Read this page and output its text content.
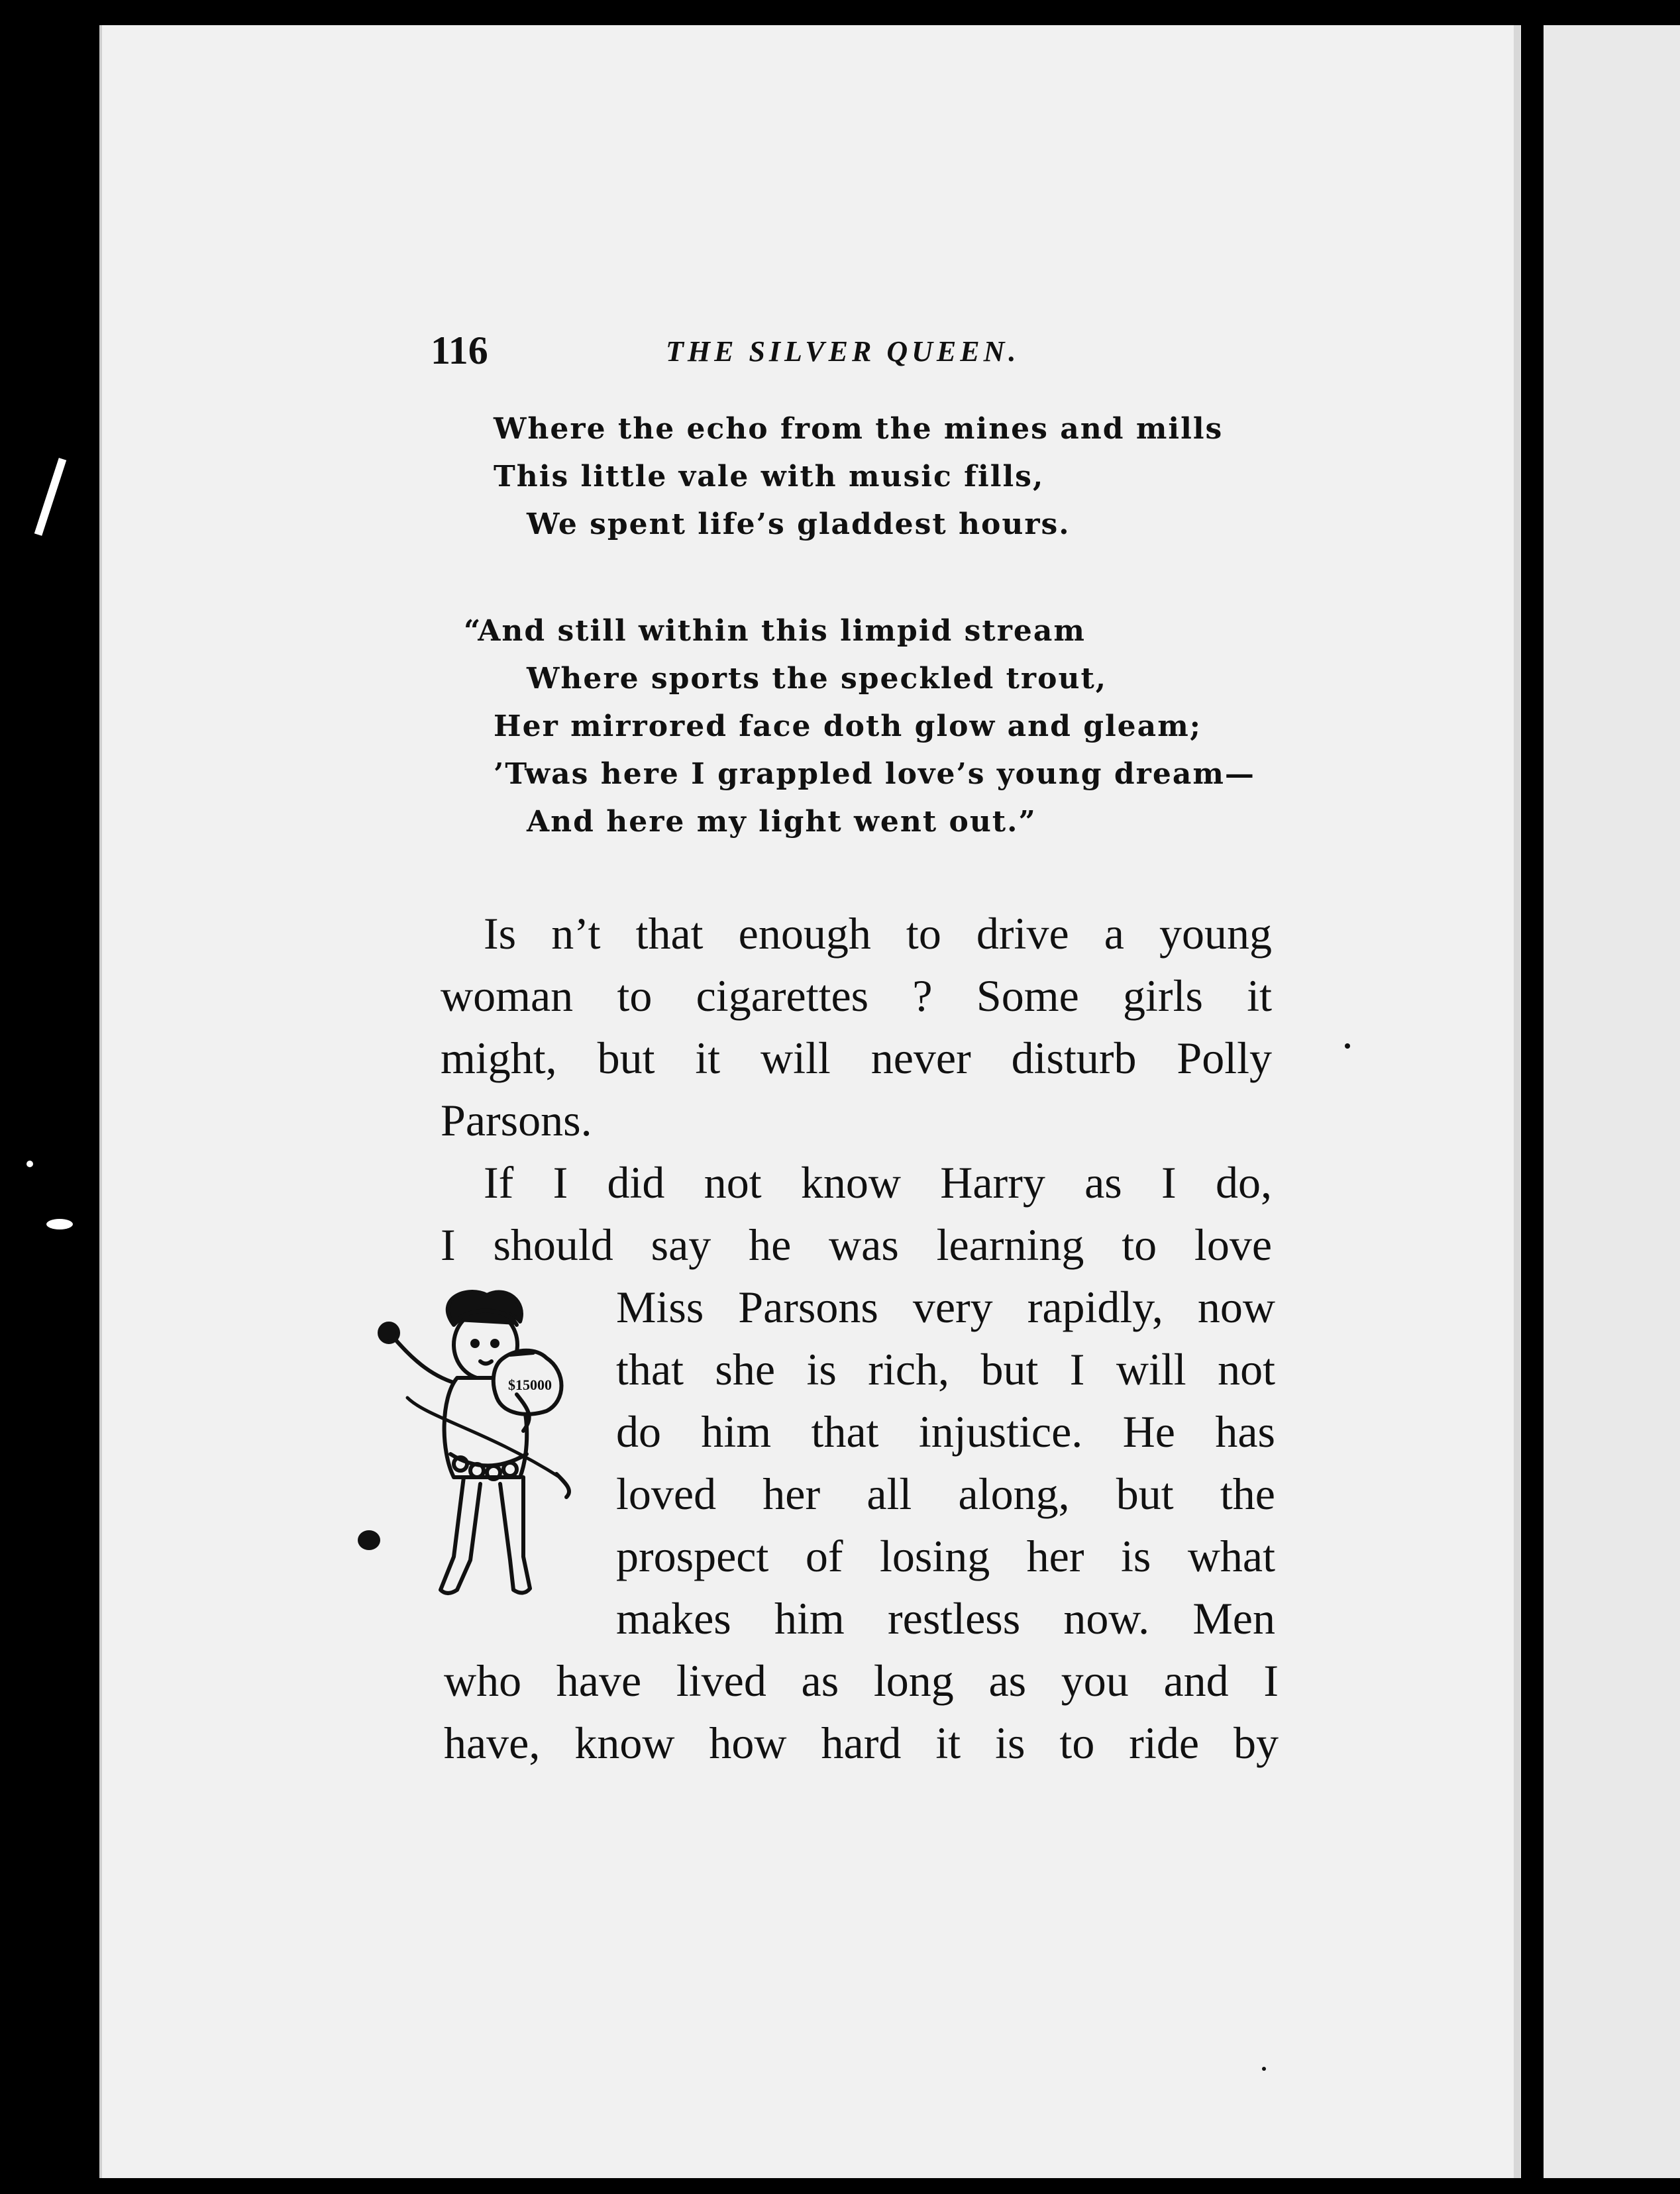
116	THE SILVER QUEEN.
Where the echo from the mines and mills
This little vale with music fills,
We spent life’s gladdest hours.
“And still within this limpid stream
Where sports the speckled trout,
Her mirrored face doth glow and gleam;
’Twas here I grappled love’s young dream—
And here my light went out.”
Is n’t that enough to drive a young
woman to cigarettes ? Some girls it
might, but it will never disturb Polly
Parsons.
If I did not know Harry as I do,
I should say he was learning to love
Miss Parsons very rapidly, now
that she is rich, but I will not
do him that injustice. He has
loved her all along, but the
prospect of losing her is what
makes him restless now. Men
who have lived as long as you and I
have, know how hard it is to ride by
$15000
